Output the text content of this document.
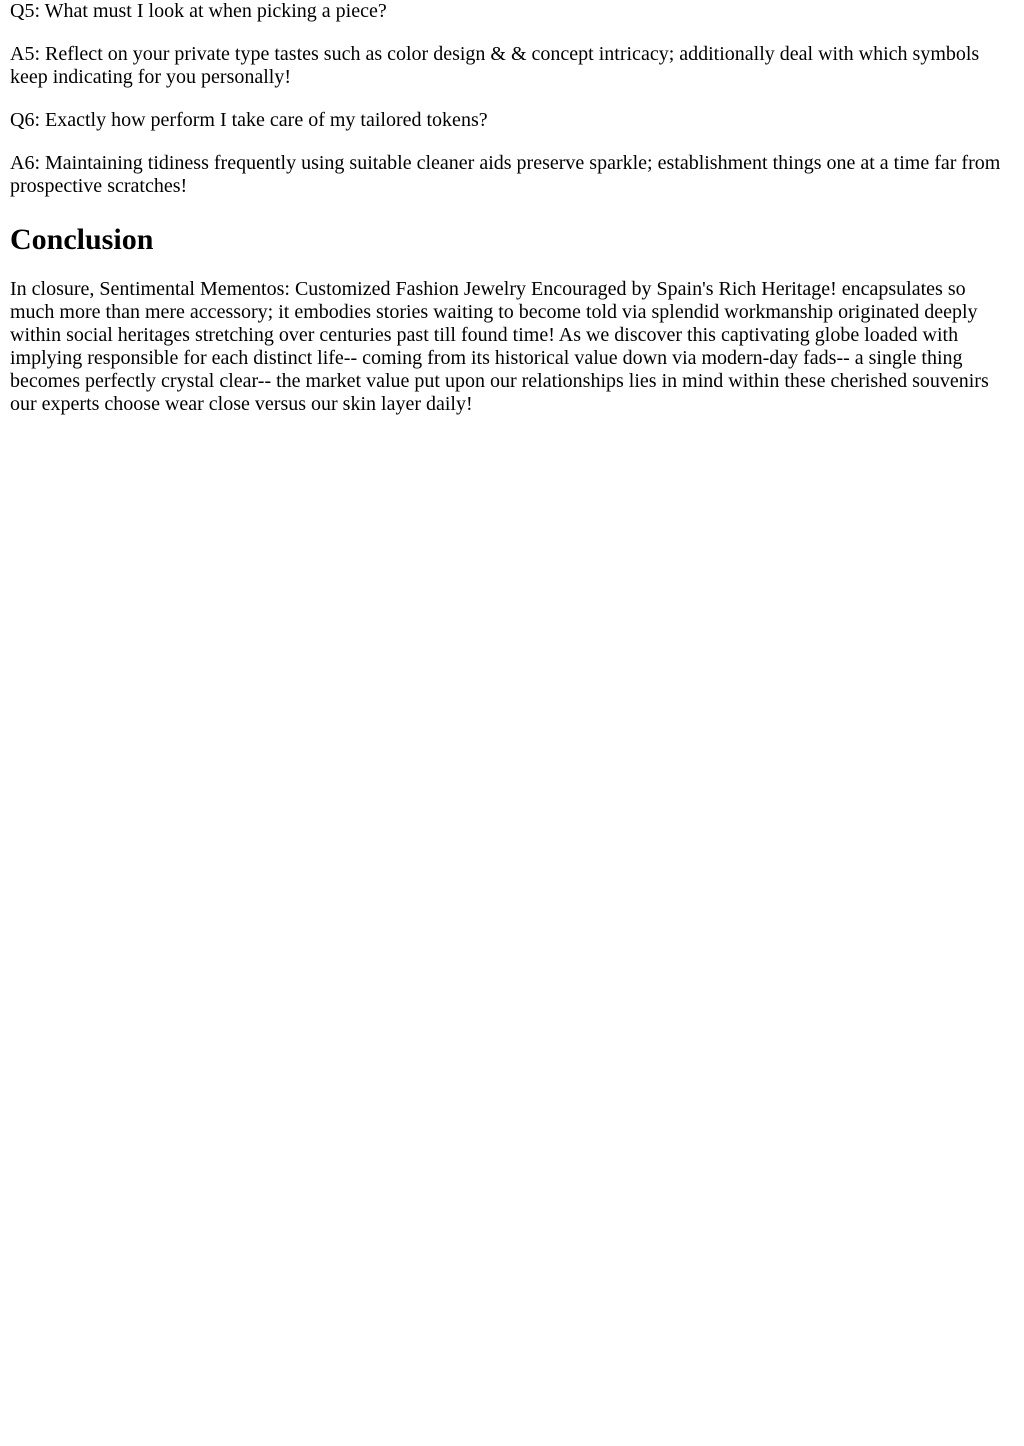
Q5: What must I look at when picking a piece?

A5: Reflect on your private type tastes such as color design & & concept intricacy; additionally deal with which symbols keep indicating for you personally!

Q6: Exactly how perform I take care of my tailored tokens?

A6: Maintaining tidiness frequently using suitable cleaner aids preserve sparkle; establishment things one at a time far from prospective scratches!

Conclusion

In closure, Sentimental Mementos: Customized Fashion Jewelry Encouraged by Spain's Rich Heritage! encapsulates so much more than mere accessory; it embodies stories waiting to become told via splendid workmanship originated deeply within social heritages stretching over centuries past till found time! As we discover this captivating globe loaded with implying responsible for each distinct life-- coming from its historical value down via modern-day fads-- a single thing becomes perfectly crystal clear-- the market value put upon our relationships lies in mind within these cherished souvenirs our experts choose wear close versus our skin layer daily!
